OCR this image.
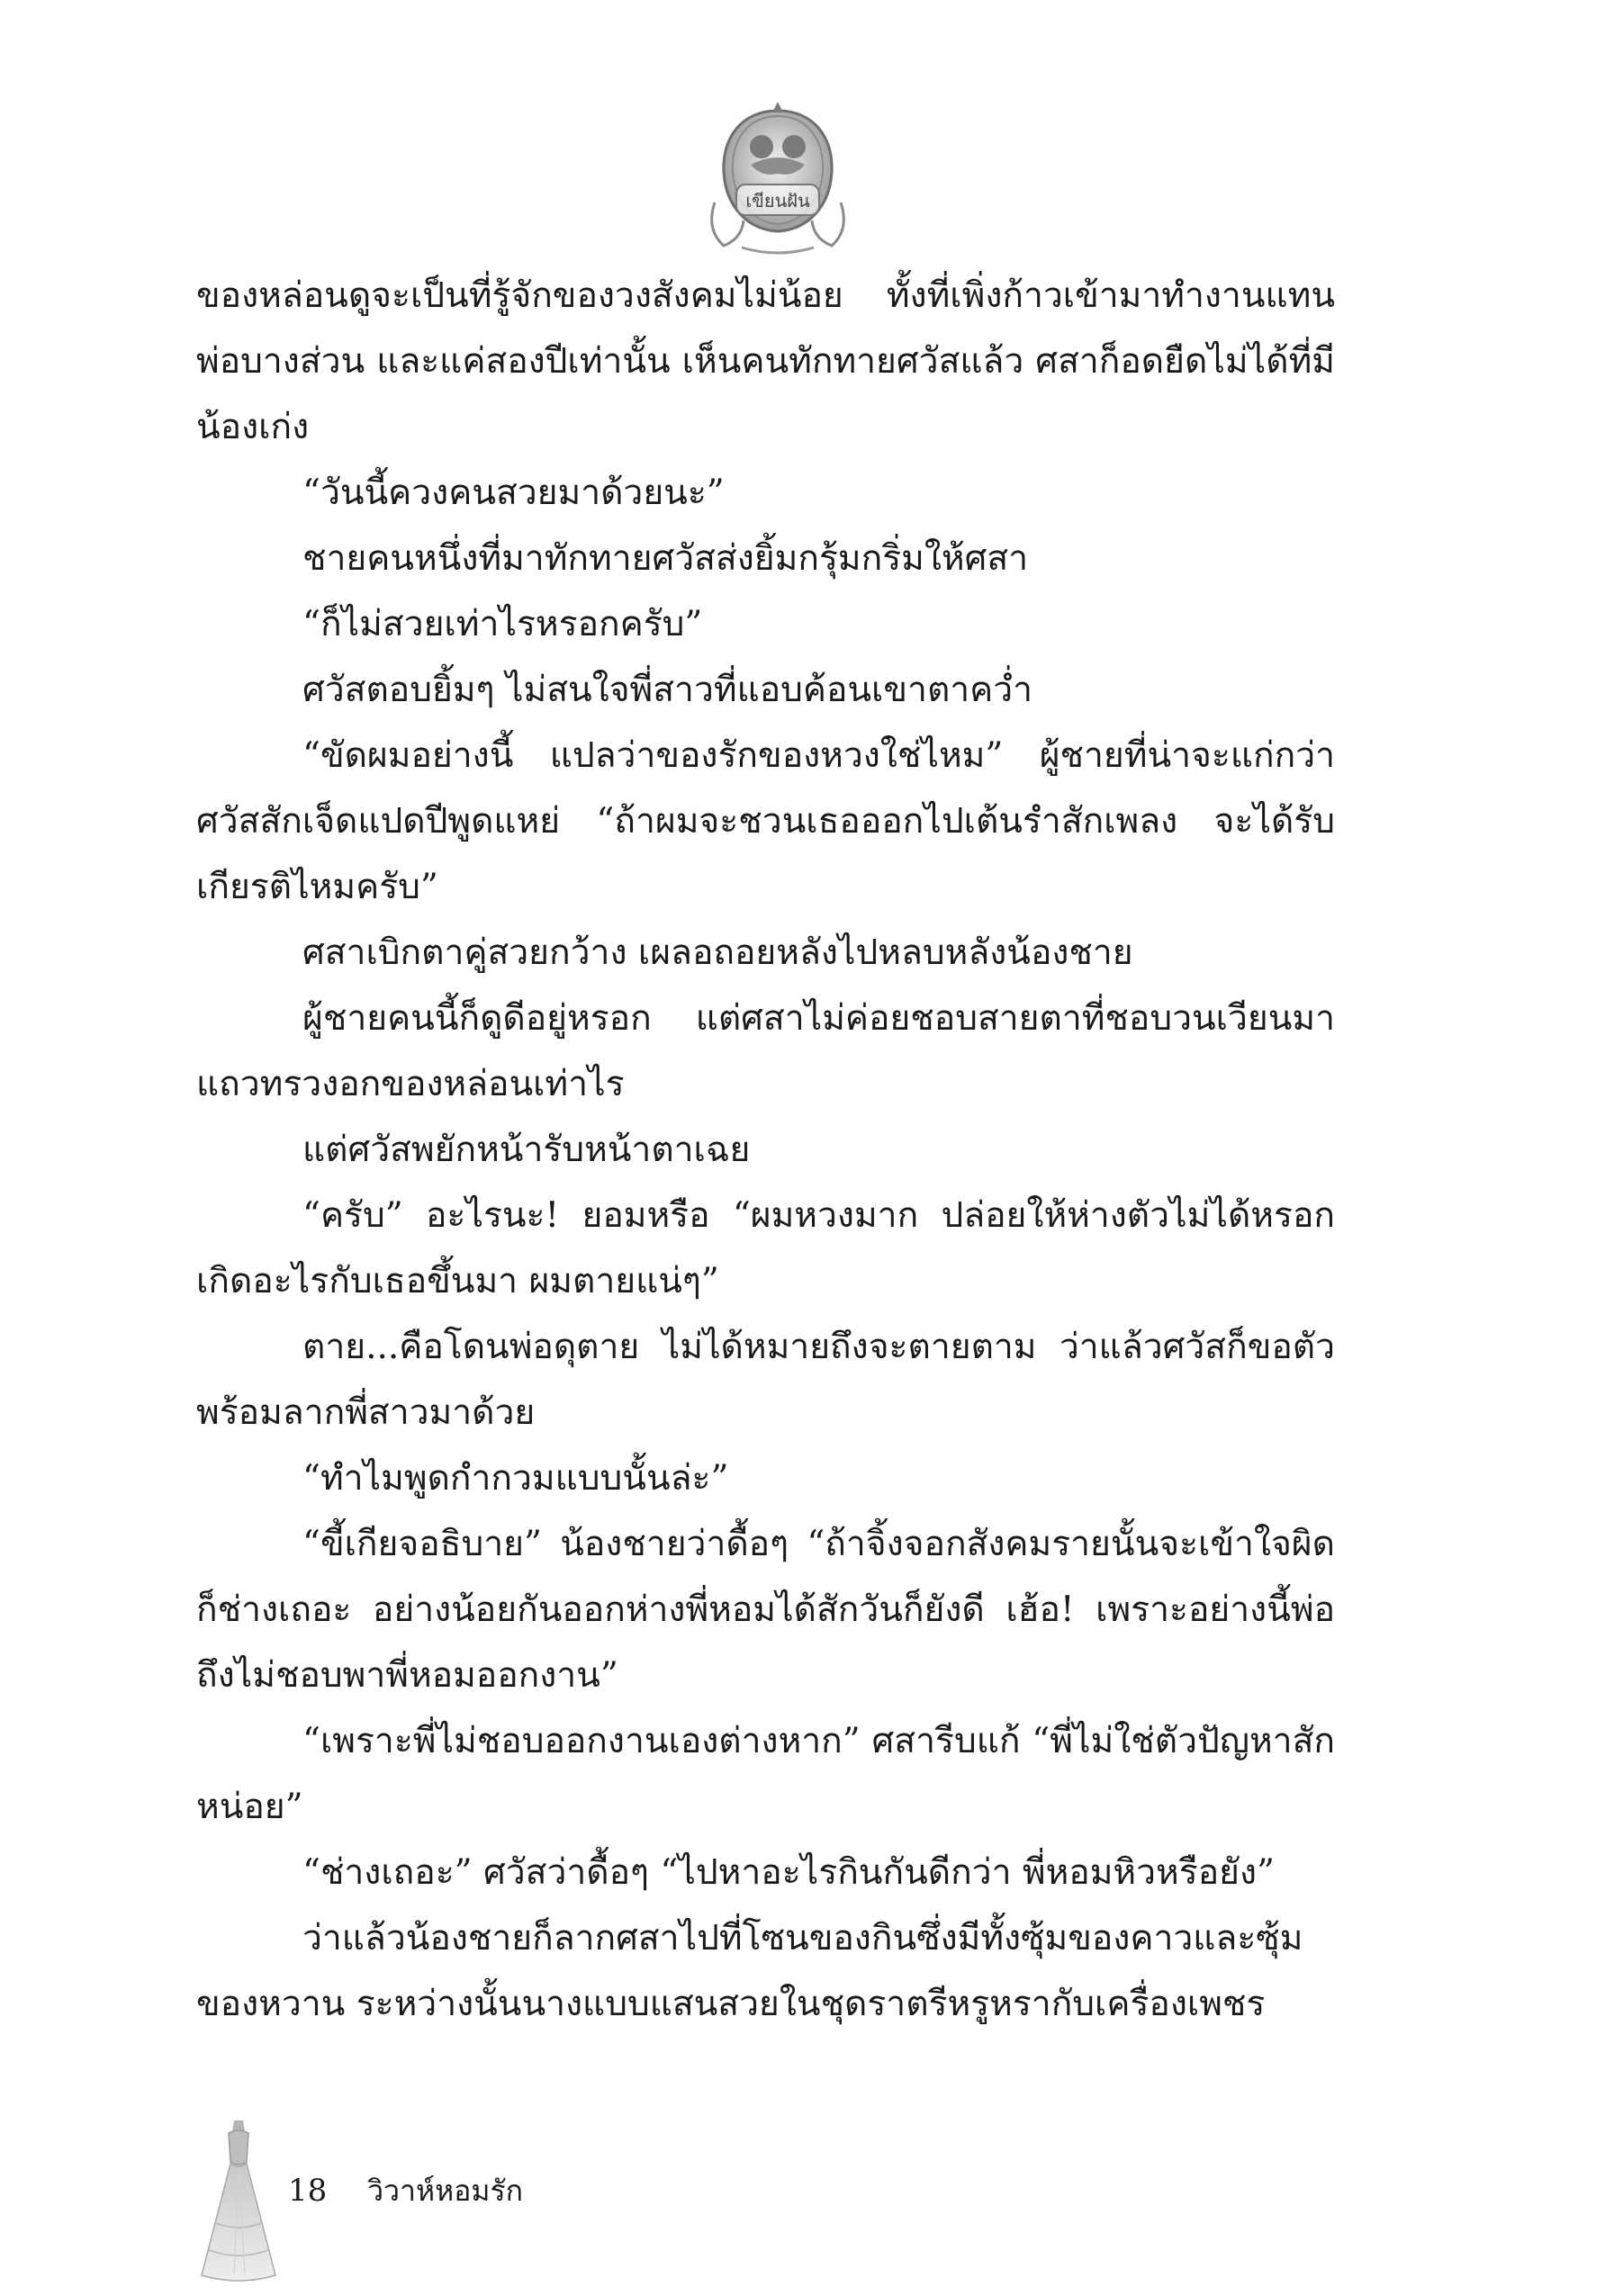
เขียนฝัน

ของหล่อนดูจะเป็นที่รู้จักของวงสังคมไม่น้อย ทั้งที่เพิ่งก้าวเข้ามาทำงานแทนพ่อบางส่วน และแค่สองปีเท่านั้น เห็นคนทักทายศวัสแล้ว ศสาก็อดยืดไม่ได้ที่มีน้องเก่ง

“วันนี้ควงคนสวยมาด้วยนะ”

ชายคนหนึ่งที่มาทักทายศวัสส่งยิ้มกรุ้มกริ่มให้ศสา

“ก็ไม่สวยเท่าไรหรอกครับ”

ศวัสตอบยิ้มๆ ไม่สนใจพี่สาวที่แอบค้อนเขาตาคว่ำ

“ขัดผมอย่างนี้ แปลว่าของรักของหวงใช่ไหม” ผู้ชายที่น่าจะแก่กว่าศวัสสักเจ็ดแปดปีพูดแหย่ “ถ้าผมจะชวนเธอออกไปเต้นรำสักเพลง จะได้รับเกียรติไหมครับ”

ศสาเบิกตาคู่สวยกว้าง เผลอถอยหลังไปหลบหลังน้องชาย

ผู้ชายคนนี้ก็ดูดีอยู่หรอก แต่ศสาไม่ค่อยชอบสายตาที่ชอบวนเวียนมาแถวทรวงอกของหล่อนเท่าไร

แต่ศวัสพยักหน้ารับหน้าตาเฉย

“ครับ” อะไรนะ! ยอมหรือ “ผมหวงมาก ปล่อยให้ห่างตัวไม่ได้หรอก เกิดอะไรกับเธอขึ้นมา ผมตายแน่ๆ”

ตาย...คือโดนพ่อดุตาย ไม่ได้หมายถึงจะตายตาม ว่าแล้วศวัสก็ขอตัว พร้อมลากพี่สาวมาด้วย

“ทำไมพูดกำกวมแบบนั้นล่ะ”

“ขี้เกียจอธิบาย” น้องชายว่าดื้อๆ “ถ้าจิ้งจอกสังคมรายนั้นจะเข้าใจผิดก็ช่างเถอะ อย่างน้อยกันออกห่างพี่หอมได้สักวันก็ยังดี เฮ้อ! เพราะอย่างนี้พ่อถึงไม่ชอบพาพี่หอมออกงาน”

“เพราะพี่ไม่ชอบออกงานเองต่างหาก” ศสารีบแก้ “พี่ไม่ใช่ตัวปัญหาสักหน่อย”

“ช่างเถอะ” ศวัสว่าดื้อๆ “ไปหาอะไรกินกันดีกว่า พี่หอมหิวหรือยัง”

ว่าแล้วน้องชายก็ลากศสาไปที่โซนของกินซึ่งมีทั้งซุ้มของคาวและซุ้มของหวาน ระหว่างนั้นนางแบบแสนสวยในชุดราตรีหรูหรากับเครื่องเพชร

18 วิวาห์หอมรัก
